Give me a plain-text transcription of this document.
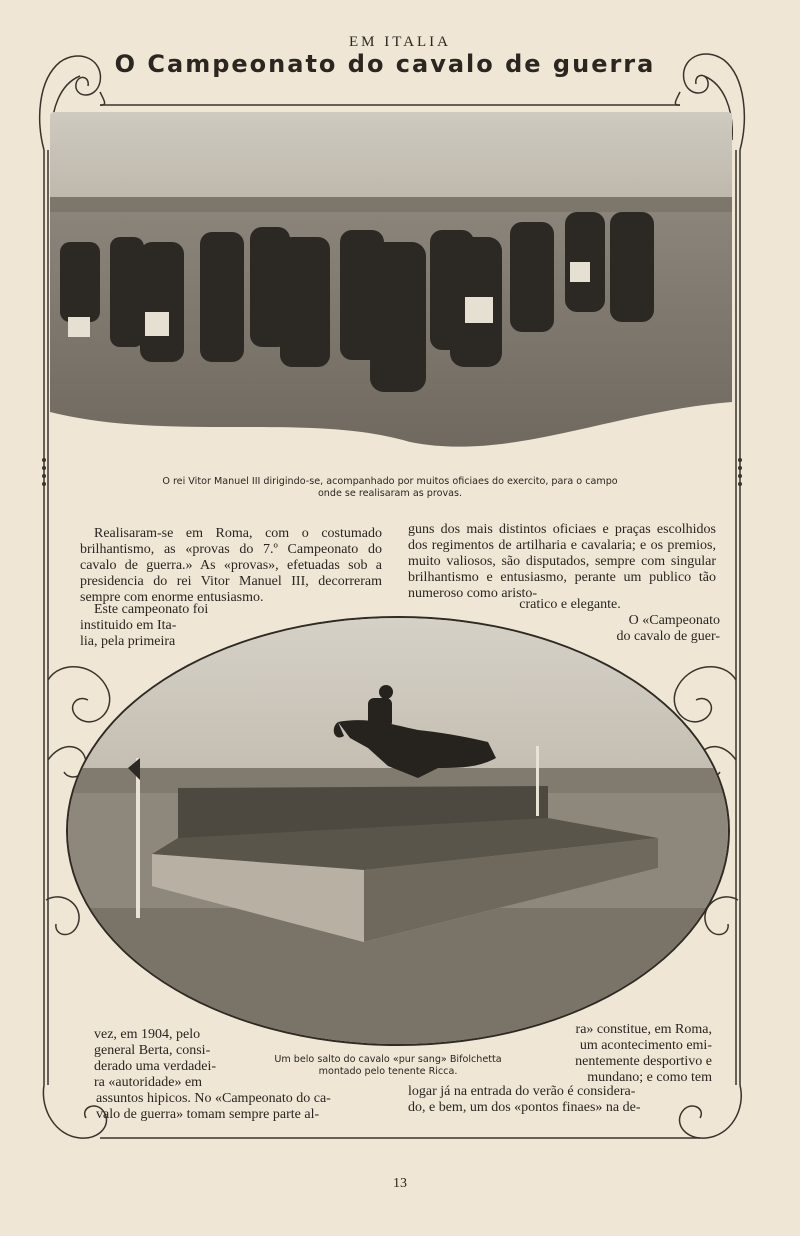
EM ITALIA
O Campeonato do cavalo de guerra
O rei Vitor Manuel III dirigindo-se, acompanhado por muitos oficiaes do exercito, para o campo
onde se realisaram as provas.

Realisaram-se em Roma, com o costumado brilhantismo, as «provas do 7.º Campeonato do cavalo de guerra.» As «provas», efetuadas sob a presidencia do rei Vitor Manuel III, decorreram sempre com enorme entusiasmo.

Este campeonato foi
instituido em Ita-
lia, pela primeira

guns dos mais distintos oficiaes e praças escolhidos dos regimentos de artilharia e cavalaria; e os premios, muito valiosos, são disputados, sempre com singular brilhantismo e entusiasmo, perante um publico tão numeroso como aristo-

cratico e elegante.
O «Campeonato
do cavalo de guer-
Um belo salto do cavalo «pur sang» Bifolchetta
montado pelo tenente Ricca.
vez, em 1904, pelo
general Berta, consi-
derado uma verdadei-
ra «autoridade» em
assuntos hipicos. No «Campeonato do ca-
valo de guerra» tomam sempre parte al-
ra» constitue, em Roma,
um acontecimento emi-
nentemente desportivo e
mundano; e como tem
logar já na entrada do verão é considera-
do, e bem, um dos «pontos finaes» na de-
13
